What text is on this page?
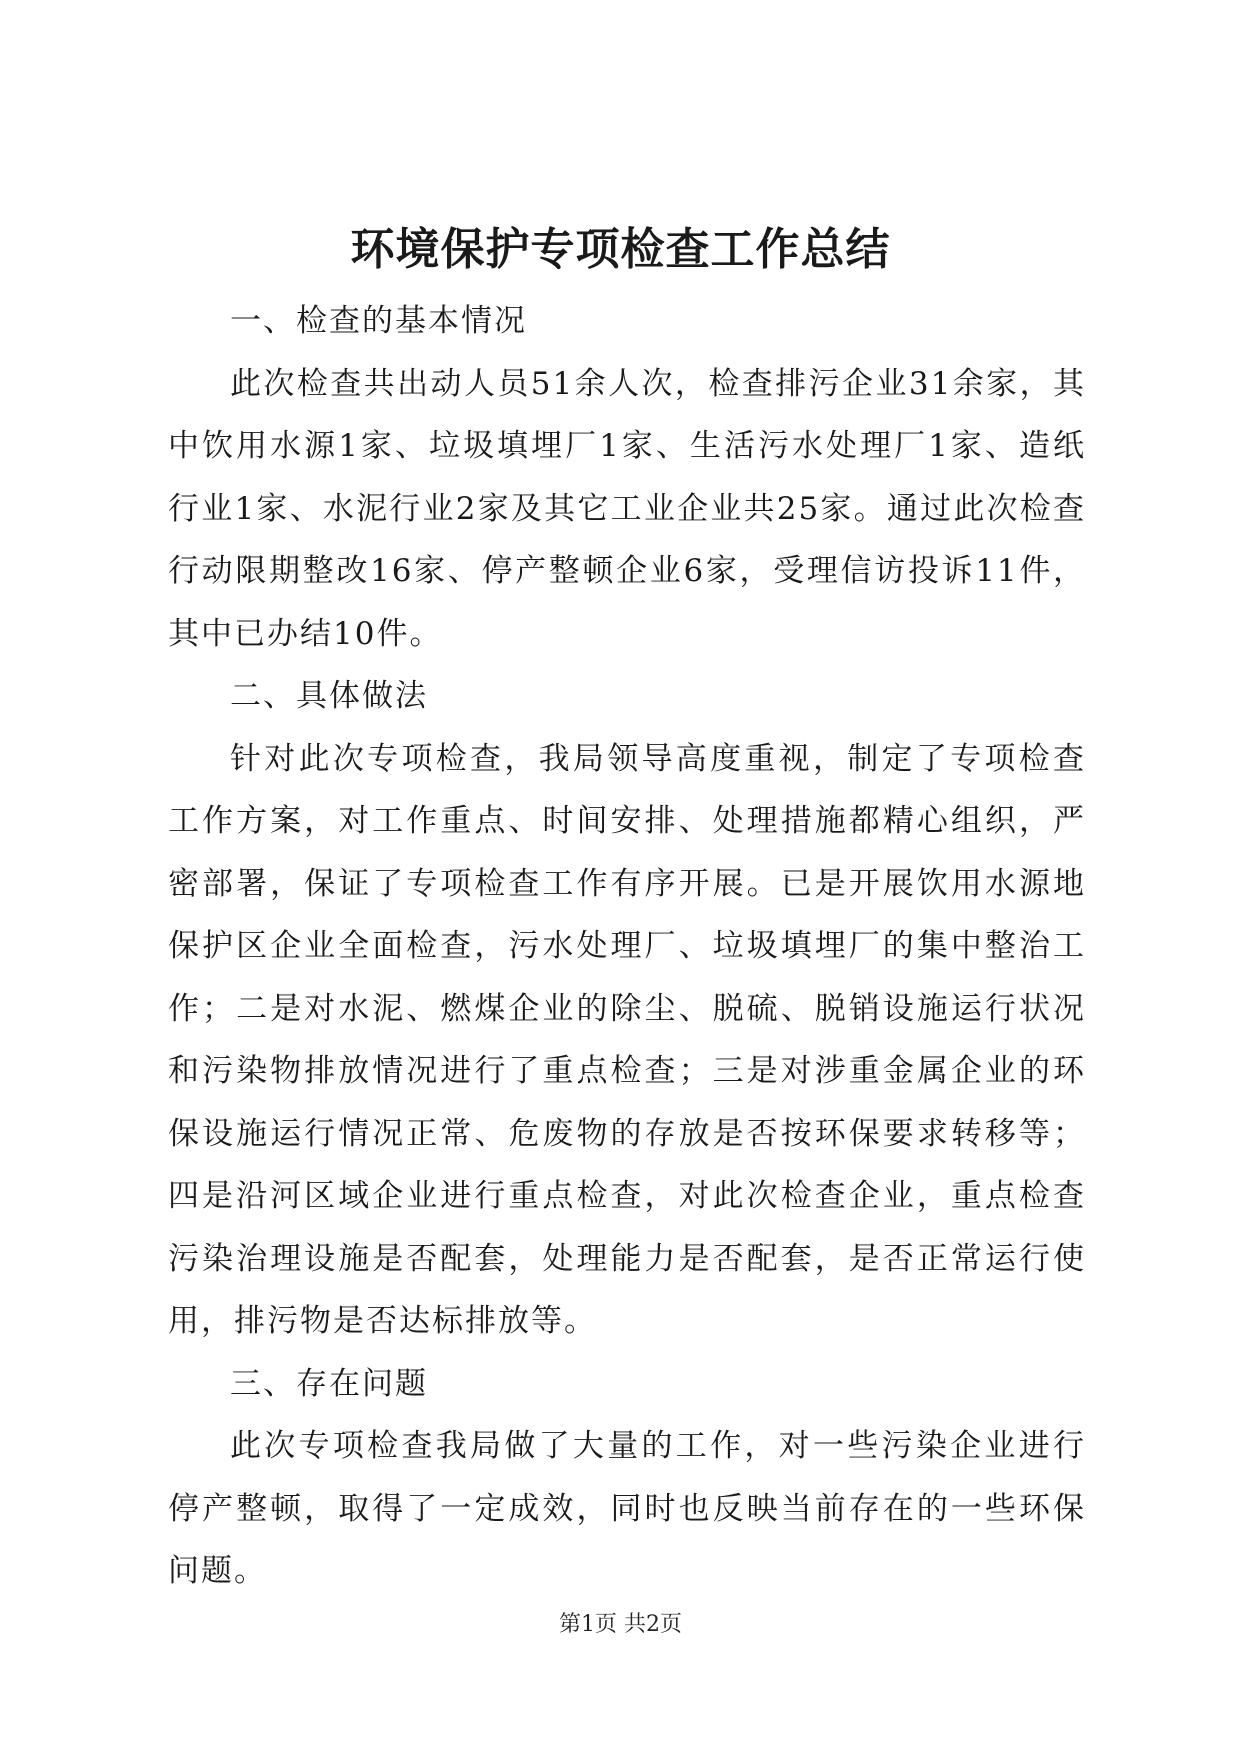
环境保护专项检查工作总结

一、检查的基本情况

此次检查共出动人员51余人次，检查排污企业31余家，其中饮用水源1家、垃圾填埋厂1家、生活污水处理厂1家、造纸行业1家、水泥行业2家及其它工业企业共25家。通过此次检查行动限期整改16家、停产整顿企业6家，受理信访投诉11件，其中已办结10件。

二、具体做法

针对此次专项检查，我局领导高度重视，制定了专项检查工作方案，对工作重点、时间安排、处理措施都精心组织，严密部署，保证了专项检查工作有序开展。已是开展饮用水源地保护区企业全面检查，污水处理厂、垃圾填埋厂的集中整治工作；二是对水泥、燃煤企业的除尘、脱硫、脱销设施运行状况和污染物排放情况进行了重点检查；三是对涉重金属企业的环保设施运行情况正常、危废物的存放是否按环保要求转移等；四是沿河区域企业进行重点检查，对此次检查企业，重点检查污染治理设施是否配套，处理能力是否配套，是否正常运行使用，排污物是否达标排放等。

三、存在问题

此次专项检查我局做了大量的工作，对一些污染企业进行停产整顿，取得了一定成效，同时也反映当前存在的一些环保问题。

第1页 共2页
